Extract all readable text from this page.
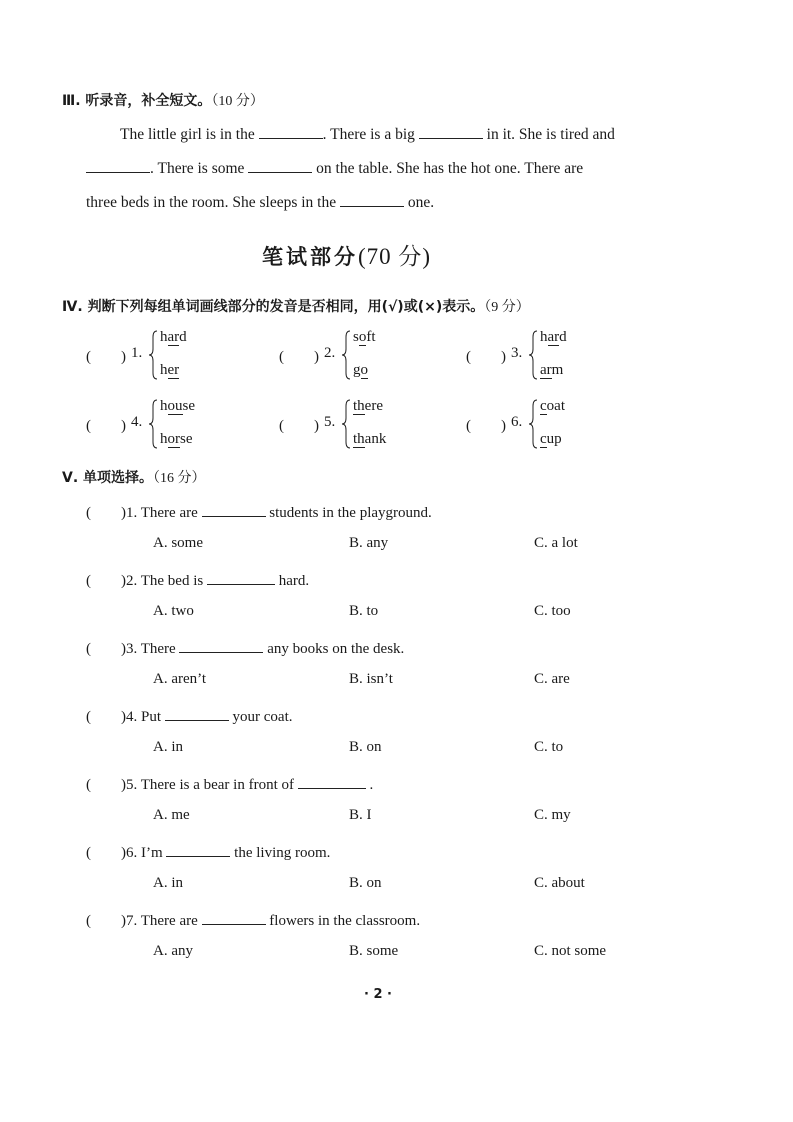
Ⅲ. 听录音，补全短文。（10 分）
The little girl is in the	. There is a big	in it. She is tired and
. There is some	on the table. She has the hot one. There are
three beds in the room. She sleeps in the	one.
笔试部分(70 分)
Ⅳ. 判断下列每组单词画线部分的发音是否相同，用(√)或(×)表示。（9 分）
(　　) 1.
hard
her
(　　) 2.
soft
go
(　　) 3.
hard
arm
(　　) 4.
house
horse
(　　) 5.
there
thank
(　　) 6.
coat
cup
Ⅴ. 单项选择。（16 分）
(　　)1. There are	students in the playground.
A. some	B. any	C. a lot
(　　)2. The bed is	hard.
A. two	B. to	C. too
(　　)3. There	any books on the desk.
A. aren’t	B. isn’t	C. are
(　　)4. Put	your coat.
A. in	B. on	C. to
(　　)5. There is a bear in front of	.
A. me	B. I	C. my
(　　)6. I’m	the living room.
A. in	B. on	C. about
(　　)7. There are	flowers in the classroom.
A. any	B. some	C. not some
· 2 ·
